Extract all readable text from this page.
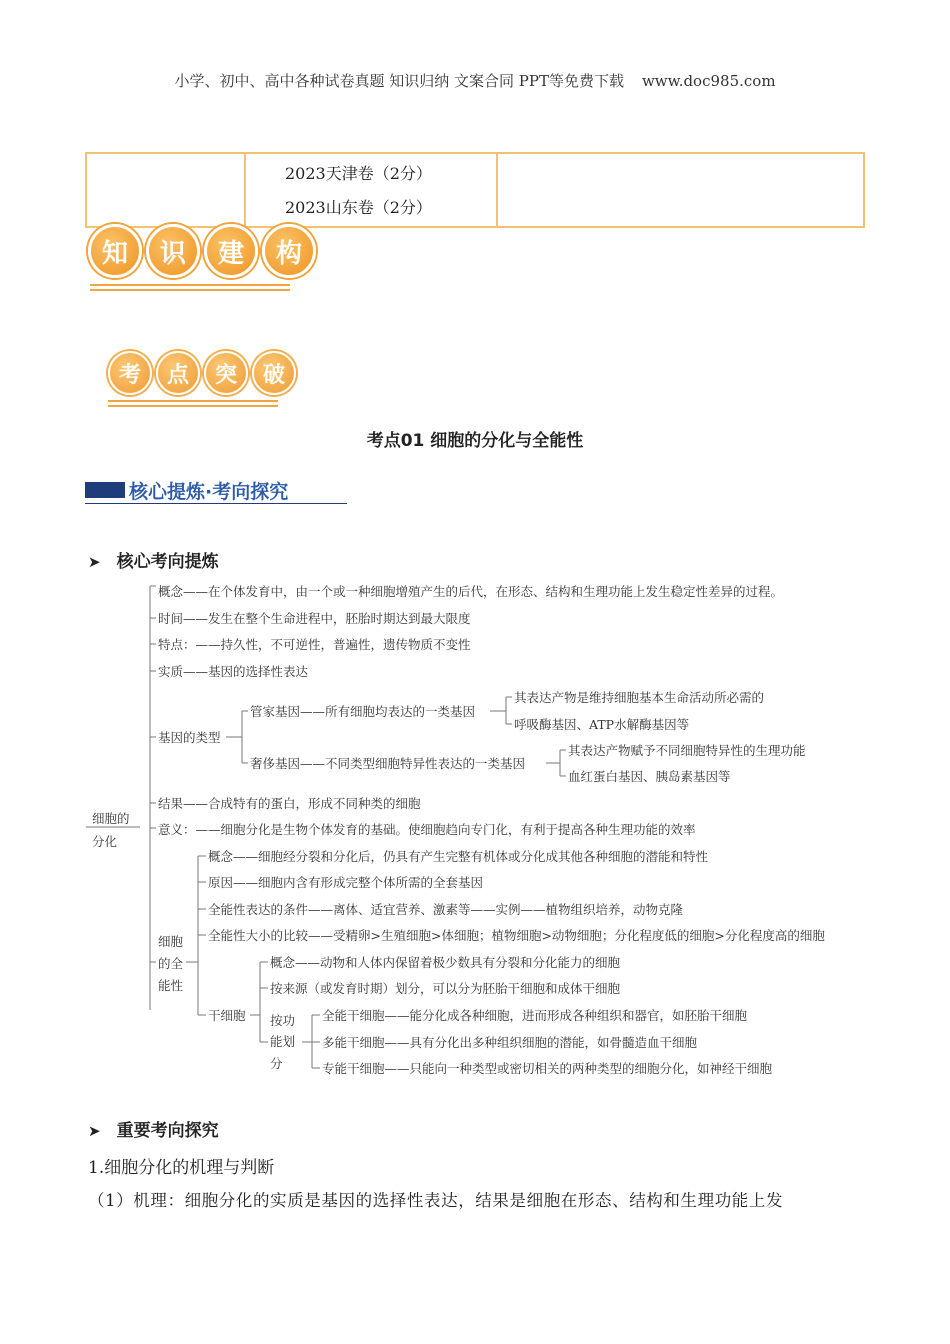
小学、初中、高中各种试卷真题 知识归纳 文案合同 PPT等免费下载 www.doc985.com

2023天津卷（2分）
2023山东卷（2分）

知	识	建	构
考	点	突	破
考点01 细胞的分化与全能性
核心提炼·考向探究
➤ 核心考向提炼
细胞的
分化
概念——在个体发育中，由一个或一种细胞增殖产生的后代，在形态、结构和生理功能上发生稳定性差异的过程。
时间——发生在整个生命进程中，胚胎时期达到最大限度
特点：——持久性，不可逆性，普遍性，遗传物质不变性
实质——基因的选择性表达
基因的类型
管家基因——所有细胞均表达的一类基因
其表达产物是维持细胞基本生命活动所必需的
呼吸酶基因、ATP水解酶基因等
奢侈基因——不同类型细胞特异性表达的一类基因
其表达产物赋予不同细胞特异性的生理功能
血红蛋白基因、胰岛素基因等
结果——合成特有的蛋白，形成不同种类的细胞
意义：——细胞分化是生物个体发育的基础。使细胞趋向专门化，有利于提高各种生理功能的效率
细胞
的全
能性
概念——细胞经分裂和分化后，仍具有产生完整有机体或分化成其他各种细胞的潜能和特性
原因——细胞内含有形成完整个体所需的全套基因
全能性表达的条件——离体、适宜营养、激素等——实例——植物组织培养，动物克隆
全能性大小的比较——受精卵>生殖细胞>体细胞；植物细胞>动物细胞；分化程度低的细胞>分化程度高的细胞
干细胞
概念——动物和人体内保留着极少数具有分裂和分化能力的细胞
按来源（或发育时期）划分，可以分为胚胎干细胞和成体干细胞
按功
能划
分
全能干细胞——能分化成各种细胞，进而形成各种组织和器官，如胚胎干细胞
多能干细胞——具有分化出多种组织细胞的潜能，如骨髓造血干细胞
专能干细胞——只能向一种类型或密切相关的两种类型的细胞分化，如神经干细胞
➤ 重要考向探究
1.细胞分化的机理与判断
（1）机理：细胞分化的实质是基因的选择性表达，结果是细胞在形态、结构和生理功能上发
